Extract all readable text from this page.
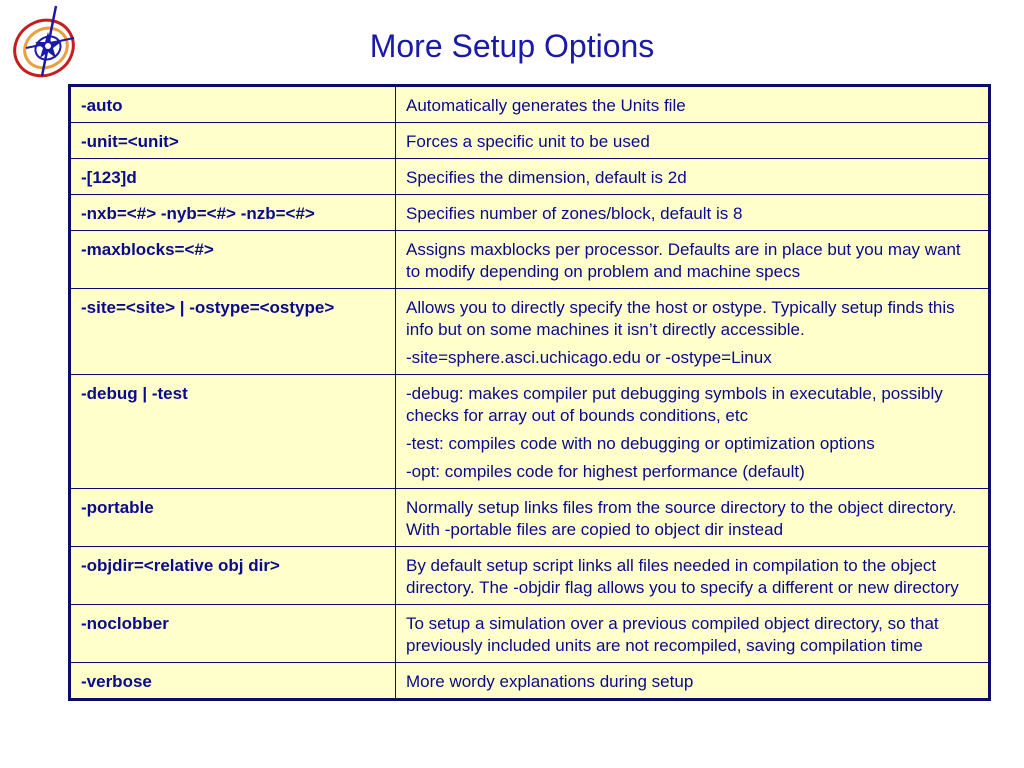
More Setup Options
-auto	Automatically generates the Units file

-unit=<unit>	Forces a specific unit to be used

-[123]d	Specifies the dimension, default is 2d

-nxb=<#> -nyb=<#> -nzb=<#>	Specifies number of zones/block, default is 8

-maxblocks=<#>	Assigns maxblocks per processor. Defaults are in place but you may want to modify depending on problem and machine specs

-site=<site> | -ostype=<ostype>	Allows you to directly specify the host or ostype. Typically setup finds this info but on some machines it isn’t directly accessible.

-site=sphere.asci.uchicago.edu or -ostype=Linux

-debug | -test	-debug: makes compiler put debugging symbols in executable, possibly checks for array out of bounds conditions, etc

-test: compiles code with no debugging or optimization options

-opt: compiles code for highest performance (default)

-portable	Normally setup links files from the source directory to the object directory. With -portable files are copied to object dir instead

-objdir=<relative obj dir>	By default setup script links all files needed in compilation to the object directory. The -objdir flag allows you to specify a different or new directory

-noclobber	To setup a simulation over a previous compiled object directory, so that previously included units are not recompiled, saving compilation time

-verbose	More wordy explanations during setup
